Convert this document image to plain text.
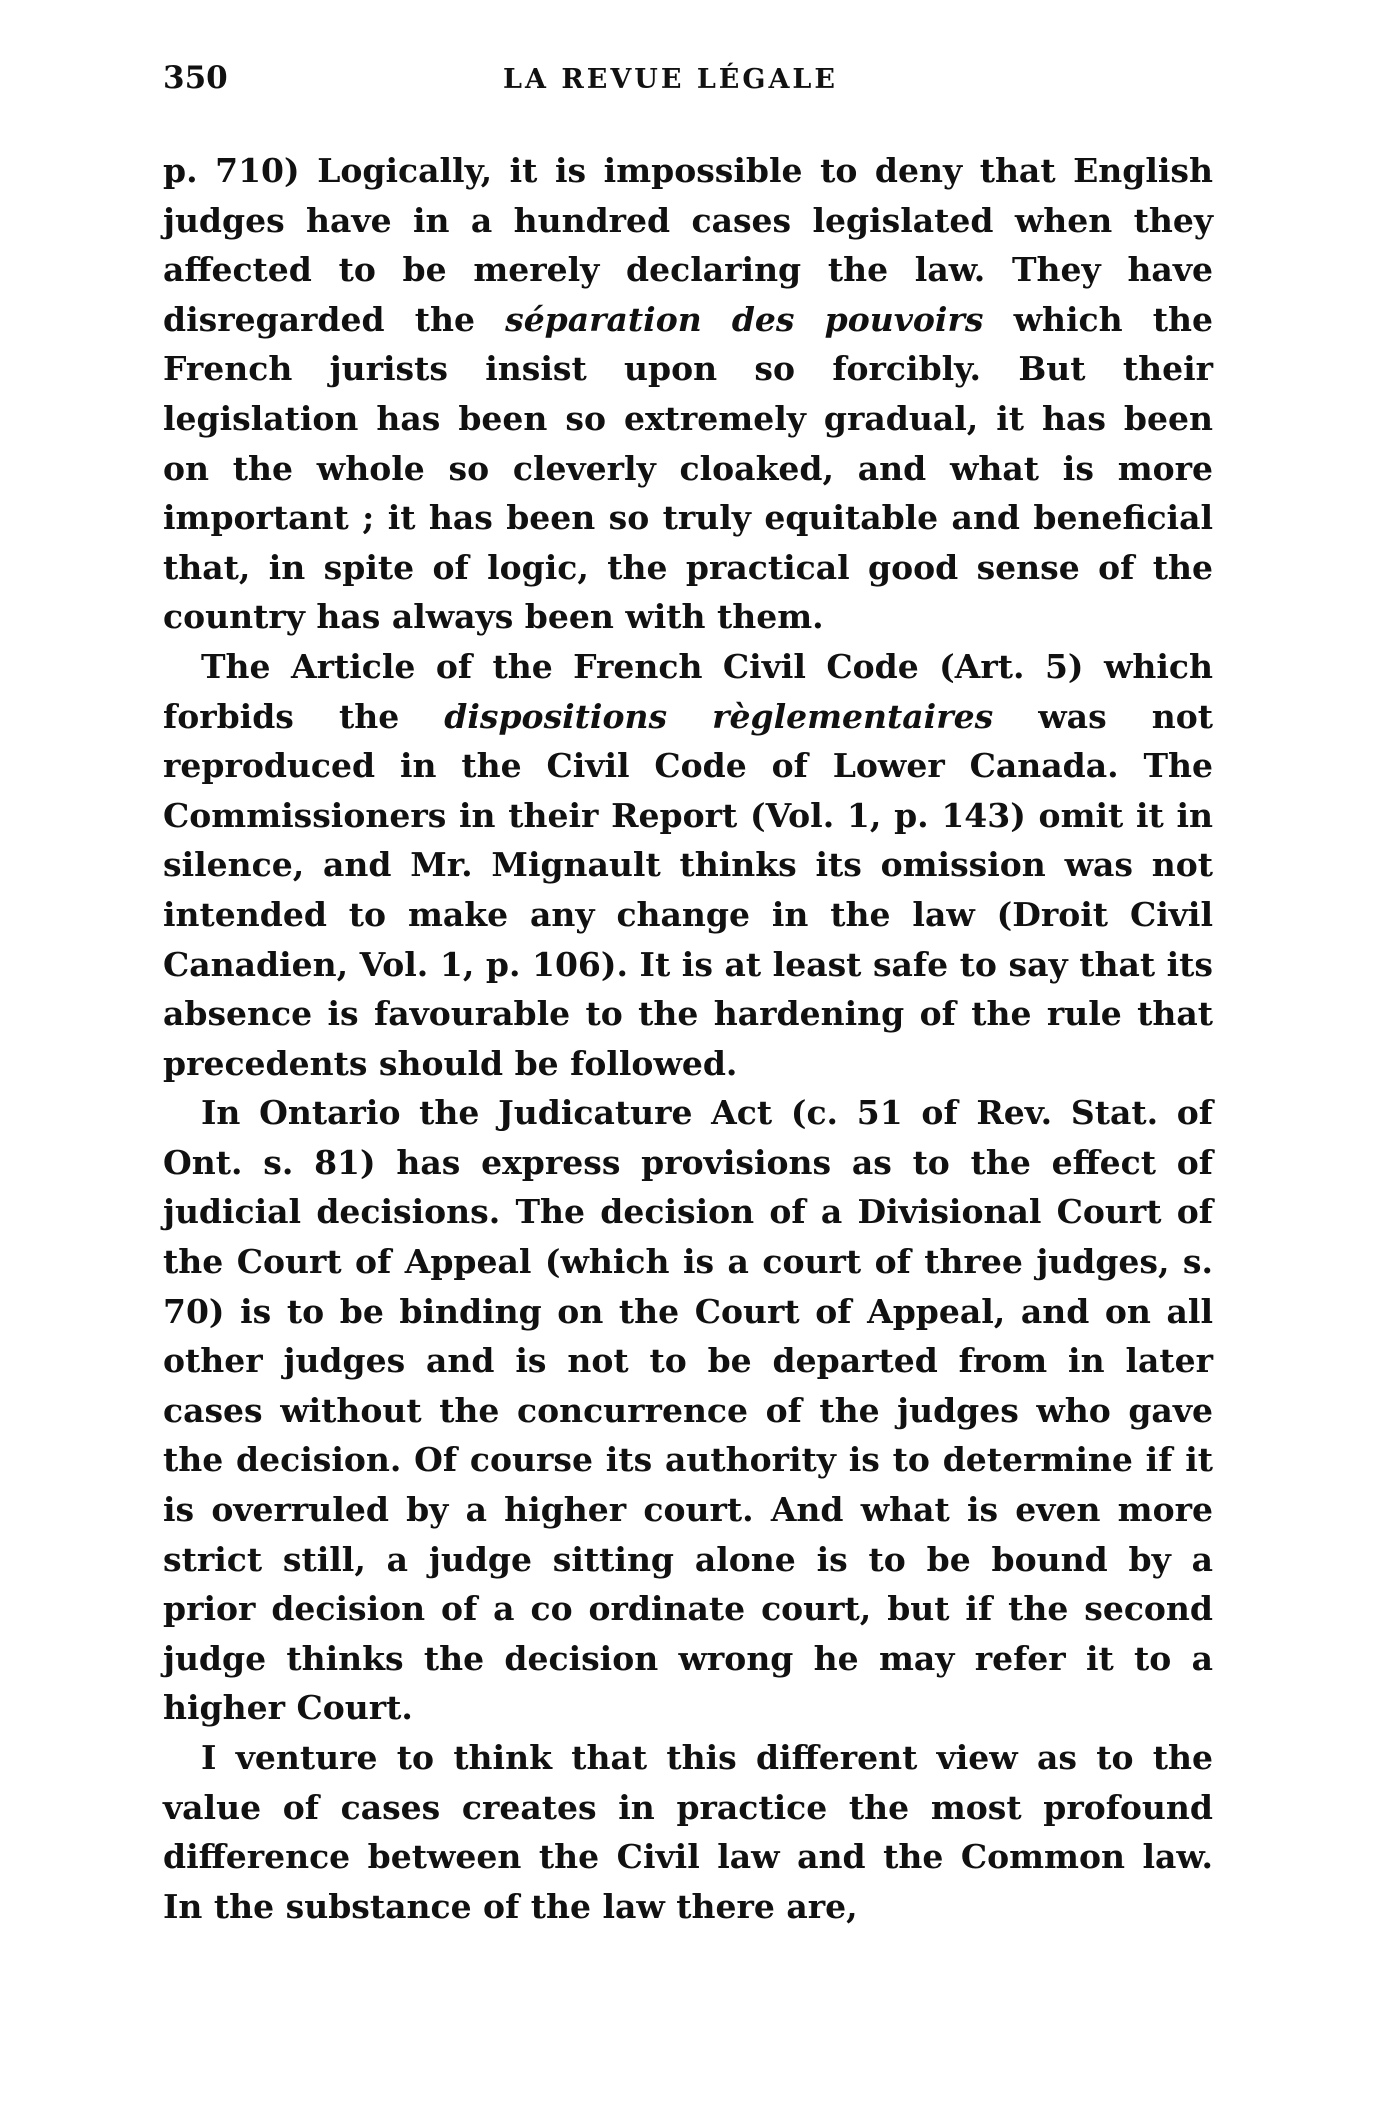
350	LA REVUE LÉGALE

p. 710) Logically, it is impossible to deny that English judges have in a hundred cases legislated when they affected to be merely declaring the law. They have disregarded the séparation des pouvoirs which the French jurists insist upon so forcibly. But their legislation has been so extremely gradual, it has been on the whole so cleverly cloaked, and what is more important ; it has been so truly equitable and beneficial that, in spite of logic, the practical good sense of the country has always been with them.

The Article of the French Civil Code (Art. 5) which forbids the dispositions règlementaires was not reproduced in the Civil Code of Lower Canada. The Commissioners in their Report (Vol. 1, p. 143) omit it in silence, and Mr. Mignault thinks its omission was not intended to make any change in the law (Droit Civil Canadien, Vol. 1, p. 106). It is at least safe to say that its absence is favourable to the hardening of the rule that precedents should be followed.

In Ontario the Judicature Act (c. 51 of Rev. Stat. of Ont. s. 81) has express provisions as to the effect of judicial decisions. The decision of a Divisional Court of the Court of Appeal (which is a court of three judges, s. 70) is to be binding on the Court of Appeal, and on all other judges and is not to be departed from in later cases without the concurrence of the judges who gave the decision. Of course its authority is to determine if it is overruled by a higher court. And what is even more strict still, a judge sitting alone is to be bound by a prior decision of a co ordinate court, but if the second judge thinks the decision wrong he may refer it to a higher Court.

I venture to think that this different view as to the value of cases creates in practice the most profound difference between the Civil law and the Common law. In the substance of the law there are,
